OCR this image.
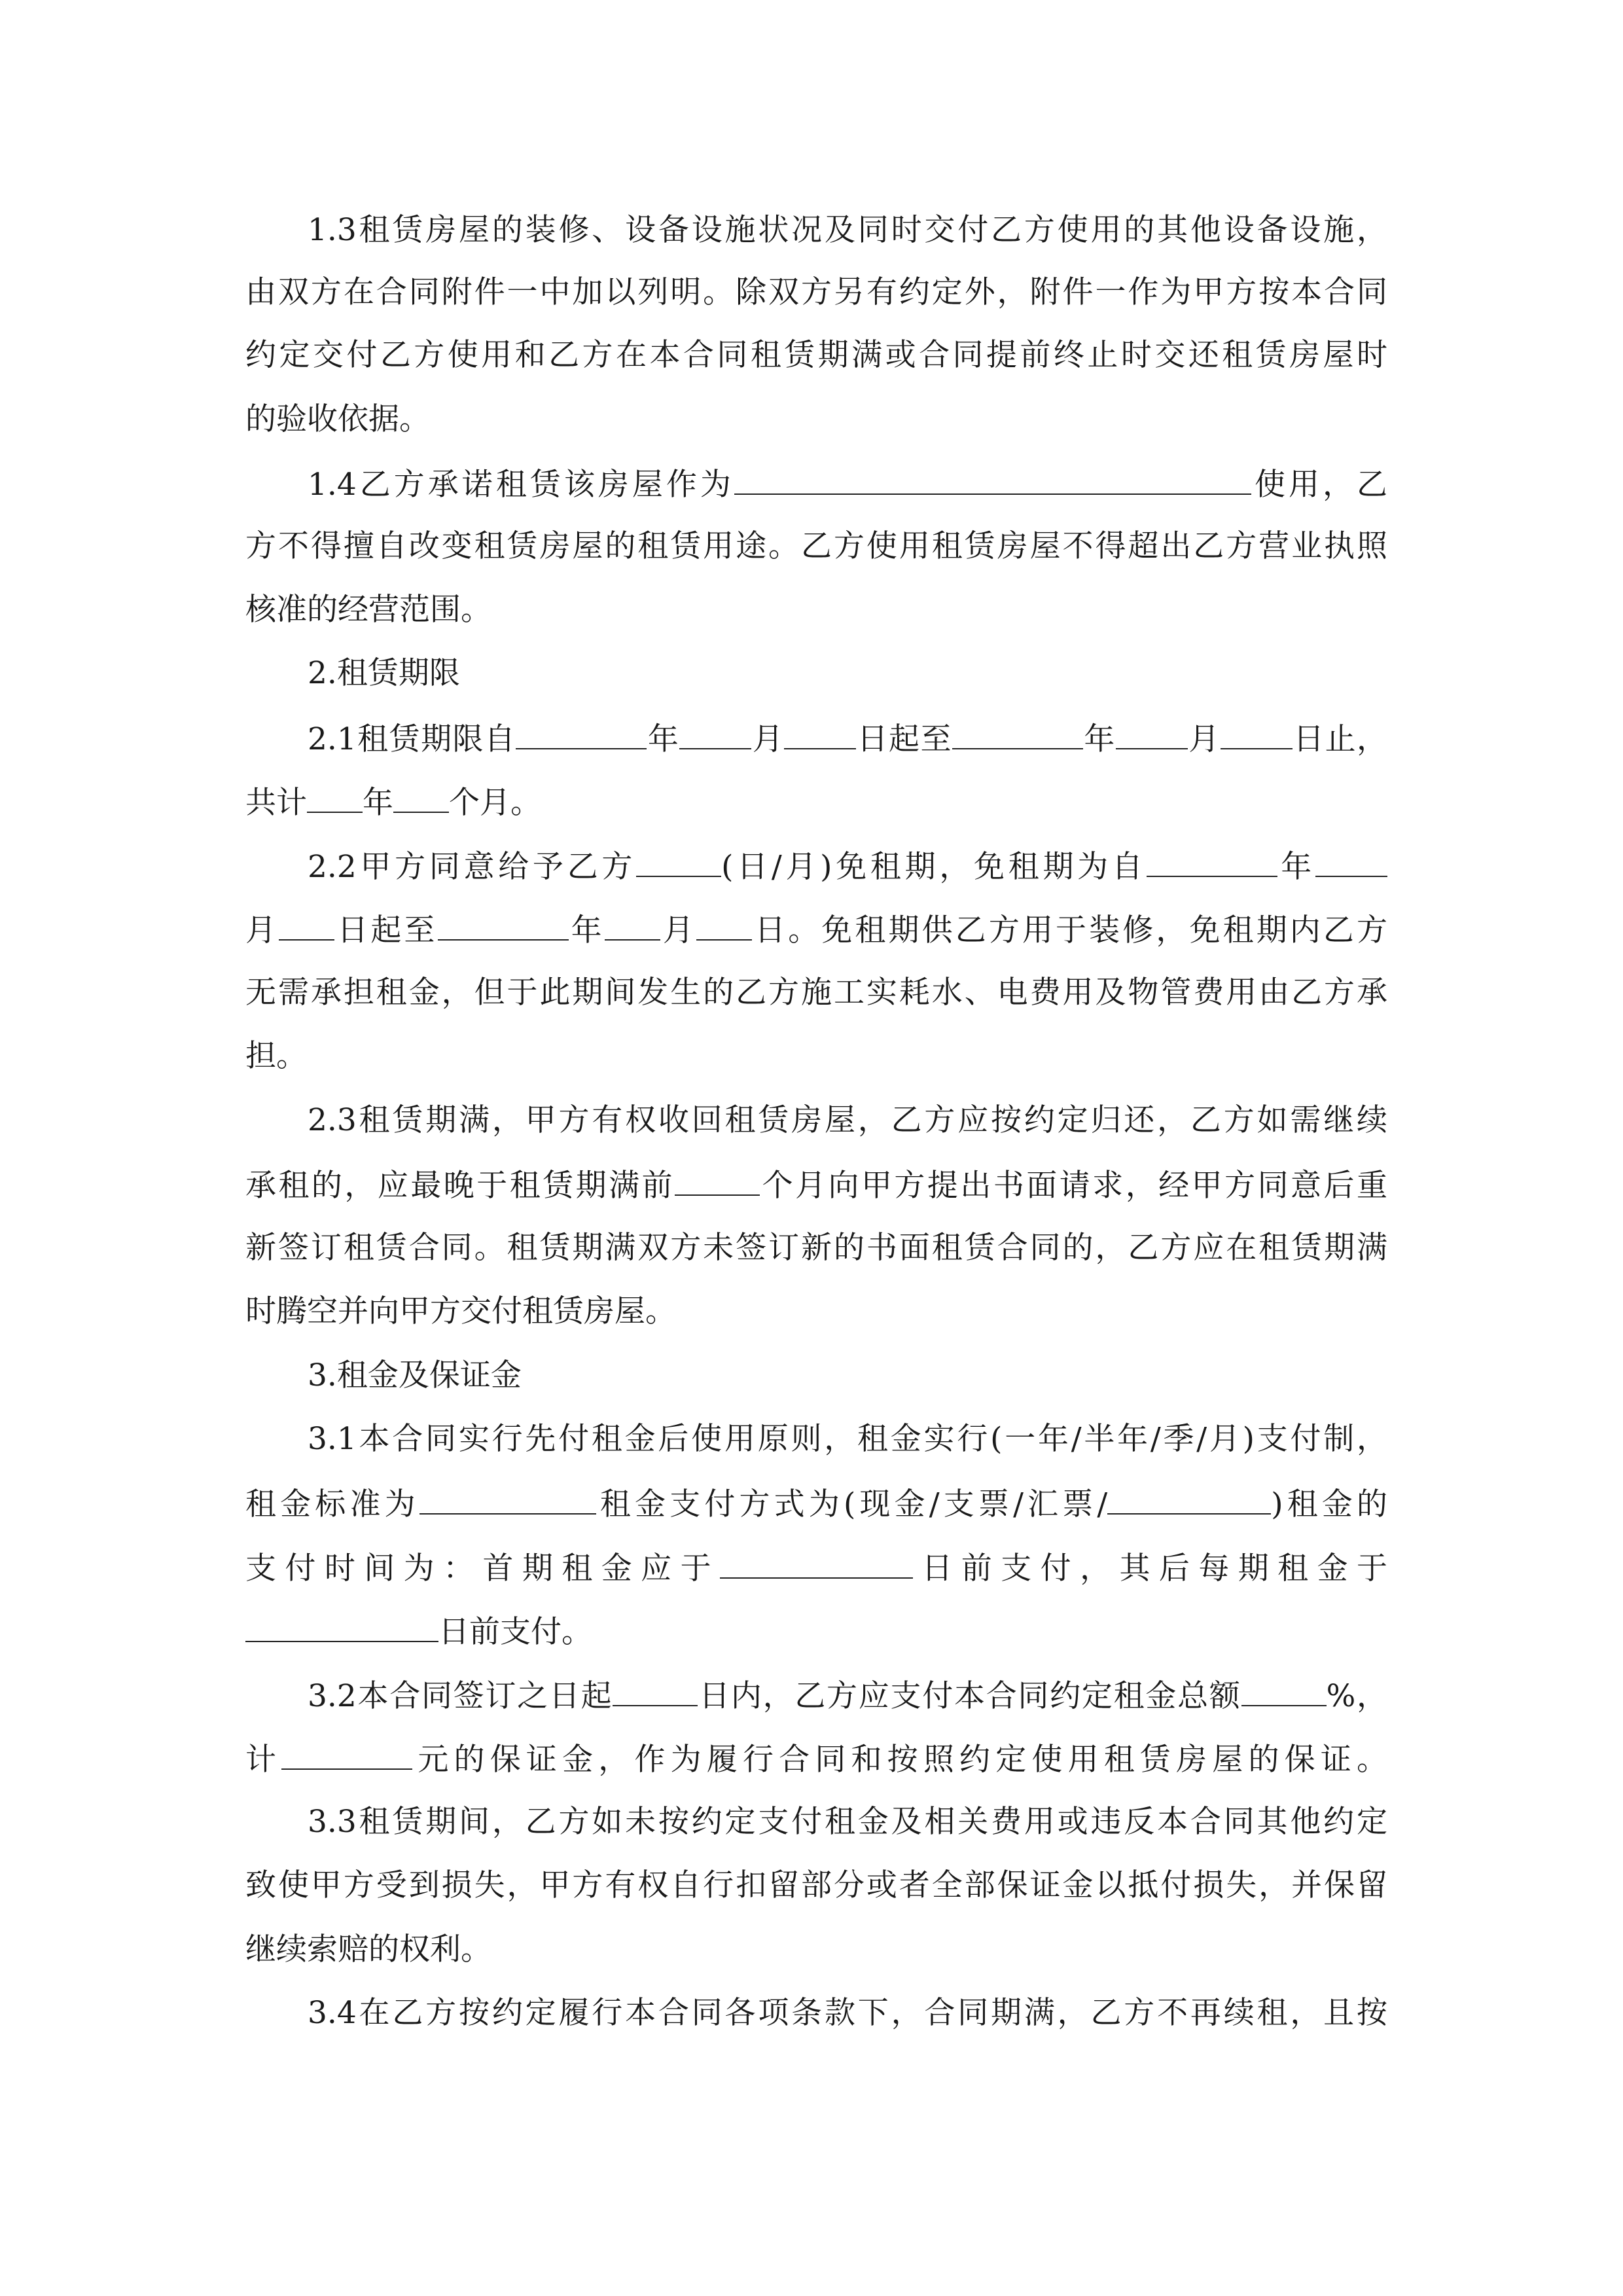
1.3租赁房屋的装修、设备设施状况及同时交付乙方使用的其他设备设施，
由双方在合同附件一中加以列明。除双方另有约定外，附件一作为甲方按本合同
约定交付乙方使用和乙方在本合同租赁期满或合同提前终止时交还租赁房屋时
的验收依据。
1.4乙方承诺租赁该房屋作为	使用，乙
方不得擅自改变租赁房屋的租赁用途。乙方使用租赁房屋不得超出乙方营业执照
核准的经营范围。
2.租赁期限
2.1租赁期限自	年 月 日起至	年 月 日止，
共计 年 个月。
2.2甲方同意给予乙方	(日/月)免租期，免租期为自	年
月 日起至	年 月 日。免租期供乙方用于装修，免租期内乙方
无需承担租金，但于此期间发生的乙方施工实耗水、电费用及物管费用由乙方承
担。
2.3租赁期满，甲方有权收回租赁房屋，乙方应按约定归还，乙方如需继续
承租的，应最晚于租赁期满前	个月向甲方提出书面请求，经甲方同意后重
新签订租赁合同。租赁期满双方未签订新的书面租赁合同的，乙方应在租赁期满
时腾空并向甲方交付租赁房屋。
3.租金及保证金
3.1本合同实行先付租金后使用原则，租金实行(一年/半年/季/月)支付制，
租金标准为	租金支付方式为(现金/支票/汇票/	)租金的
支付时间为：首期租金应于	日前支付，其后每期租金于
日前支付。
3.2本合同签订之日起	日内，乙方应支付本合同约定租金总额	%，
计	元的保证金，作为履行合同和按照约定使用租赁房屋的保证。
3.3租赁期间，乙方如未按约定支付租金及相关费用或违反本合同其他约定
致使甲方受到损失，甲方有权自行扣留部分或者全部保证金以抵付损失，并保留
继续索赔的权利。
3.4在乙方按约定履行本合同各项条款下，合同期满，乙方不再续租，且按
